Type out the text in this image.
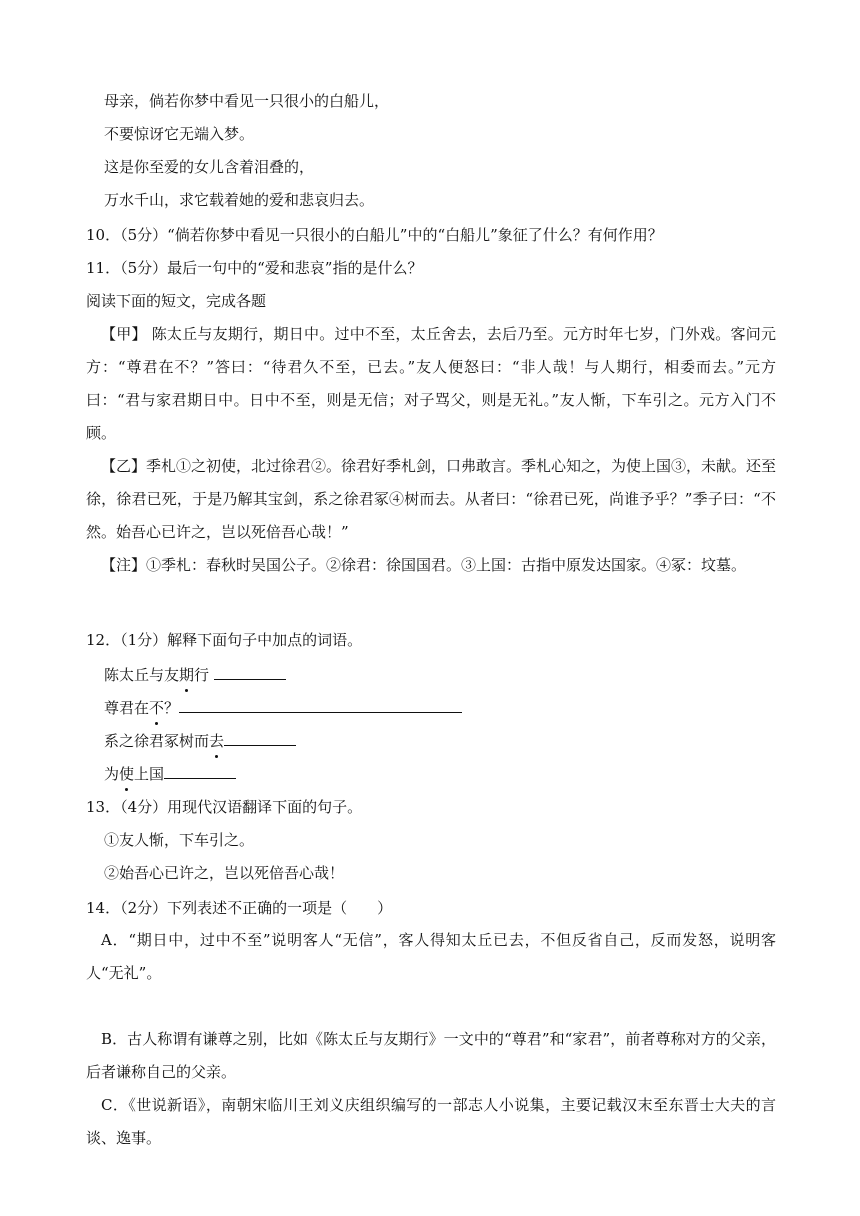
母亲，倘若你梦中看见一只很小的白船儿，
不要惊讶它无端入梦。
这是你至爱的女儿含着泪叠的，
万水千山，求它载着她的爱和悲哀归去。
10．（5分）“倘若你梦中看见一只很小的白船儿”中的“白船儿”象征了什么？有何作用？
11．（5分）最后一句中的“爱和悲哀”指的是什么？
阅读下面的短文，完成各题
【甲】 陈太丘与友期行，期日中。过中不至，太丘舍去，去后乃至。元方时年七岁，门外戏。客问元方：“尊君在不？”答曰：“待君久不至，已去。”友人便怒曰：“非人哉！与人期行，相委而去。”元方曰：“君与家君期日中。日中不至，则是无信；对子骂父，则是无礼。”友人惭，下车引之。元方入门不顾。
【乙】季札①之初使，北过徐君②。徐君好季札剑，口弗敢言。季札心知之，为使上国③，未献。还至徐，徐君已死，于是乃解其宝剑，系之徐君冢④树而去。从者曰：“徐君已死，尚谁予乎？”季子曰：“不然。始吾心已许之，岂以死倍吾心哉！”
【注】①季札：春秋时吴国公子。②徐君：徐国国君。③上国：古指中原发达国家。④冢：坟墓。
12．（1分）解释下面句子中加点的词语。
陈太丘与友期行
尊君在不？
系之徐君冢树而去
为使上国
13．（4分）用现代汉语翻译下面的句子。
①友人惭，下车引之。
②始吾心已许之，岂以死倍吾心哉！
14．（2分）下列表述不正确的一项是（　　）
A．“期日中，过中不至”说明客人“无信”，客人得知太丘已去，不但反省自己，反而发怒，说明客人“无礼”。
B．古人称谓有谦尊之别，比如《陈太丘与友期行》一文中的“尊君”和“家君”，前者尊称对方的父亲，后者谦称自己的父亲。
C．《世说新语》，南朝宋临川王刘义庆组织编写的一部志人小说集，主要记载汉末至东晋士大夫的言谈、逸事。
